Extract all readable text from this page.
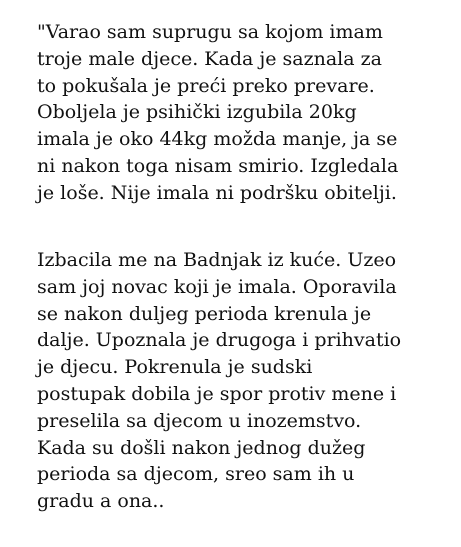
"Varao sam suprugu sa kojom imam
troje male djece. Kada je saznala za
to pokušala je preći preko prevare.
Oboljela je psihički izgubila 20kg
imala je oko 44kg možda manje, ja se
ni nakon toga nisam smirio. Izgledala
je loše. Nije imala ni podršku obitelji.
Izbacila me na Badnjak iz kuće. Uzeo
sam joj novac koji je imala. Oporavila
se nakon duljeg perioda krenula je
dalje. Upoznala je drugoga i prihvatio
je djecu. Pokrenula je sudski
postupak dobila je spor protiv mene i
preselila sa djecom u inozemstvo.
Kada su došli nakon jednog dužeg
perioda sa djecom, sreo sam ih u
gradu a ona..
